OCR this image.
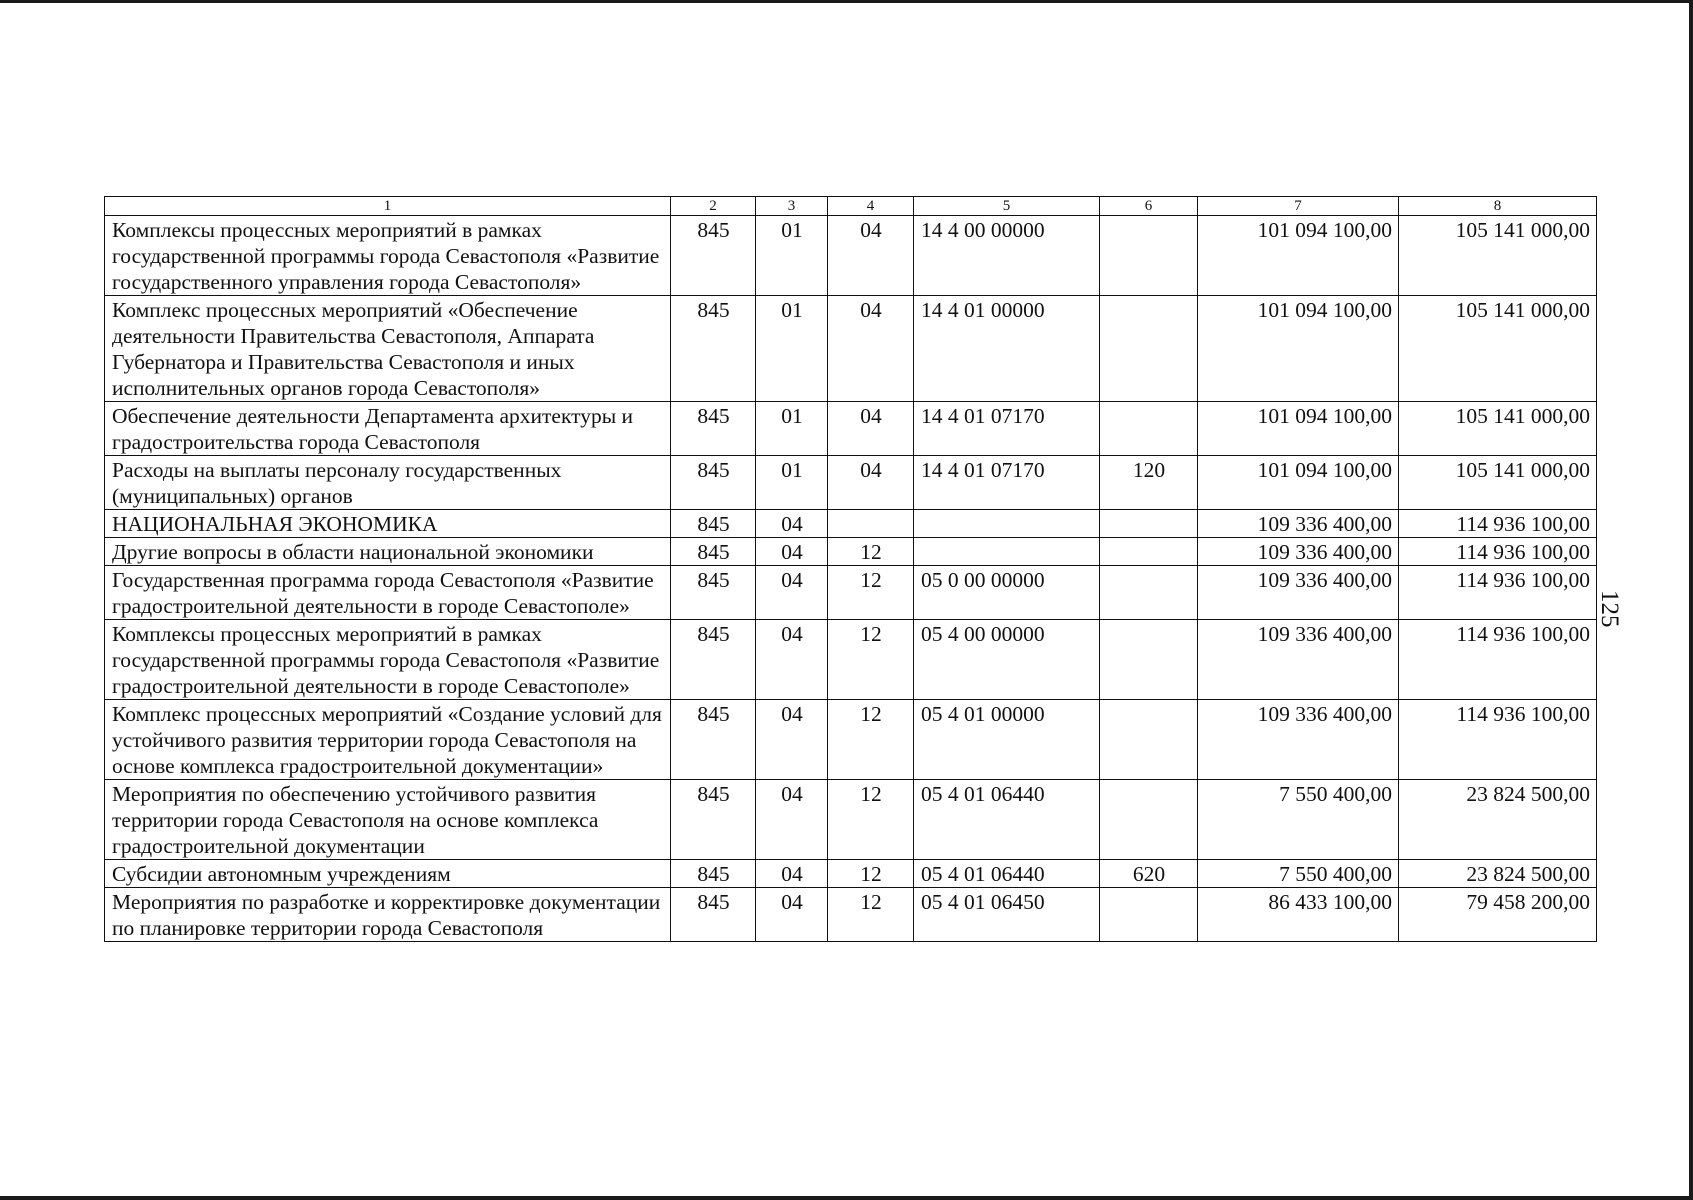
125
1	2	3	4	5	6	7	8
Комплексы процессных мероприятий в рамках государственной программы города Севастополя «Развитие государственного управления города Севастополя»	845	01	04	14 4 00 00000		101 094 100,00	105 141 000,00
Комплекс процессных мероприятий «Обеспечение деятельности Правительства Севастополя, Аппарата Губернатора и Правительства Севастополя и иных исполнительных органов города Севастополя»	845	01	04	14 4 01 00000		101 094 100,00	105 141 000,00
Обеспечение деятельности Департамента архитектуры и градостроительства города Севастополя	845	01	04	14 4 01 07170		101 094 100,00	105 141 000,00
Расходы на выплаты персоналу государственных (муниципальных) органов	845	01	04	14 4 01 07170	120	101 094 100,00	105 141 000,00
НАЦИОНАЛЬНАЯ ЭКОНОМИКА	845	04				109 336 400,00	114 936 100,00
Другие вопросы в области национальной экономики	845	04	12			109 336 400,00	114 936 100,00
Государственная программа города Севастополя «Развитие градостроительной деятельности в городе Севастополе»	845	04	12	05 0 00 00000		109 336 400,00	114 936 100,00
Комплексы процессных мероприятий в рамках государственной программы города Севастополя «Развитие градостроительной деятельности в городе Севастополе»	845	04	12	05 4 00 00000		109 336 400,00	114 936 100,00
Комплекс процессных мероприятий «Создание условий для устойчивого развития территории города Севастополя на основе комплекса градостроительной документации»	845	04	12	05 4 01 00000		109 336 400,00	114 936 100,00
Мероприятия по обеспечению устойчивого развития территории города Севастополя на основе комплекса градостроительной документации	845	04	12	05 4 01 06440		7 550 400,00	23 824 500,00
Субсидии автономным учреждениям	845	04	12	05 4 01 06440	620	7 550 400,00	23 824 500,00
Мероприятия по разработке и корректировке документации по планировке территории города Севастополя	845	04	12	05 4 01 06450		86 433 100,00	79 458 200,00
